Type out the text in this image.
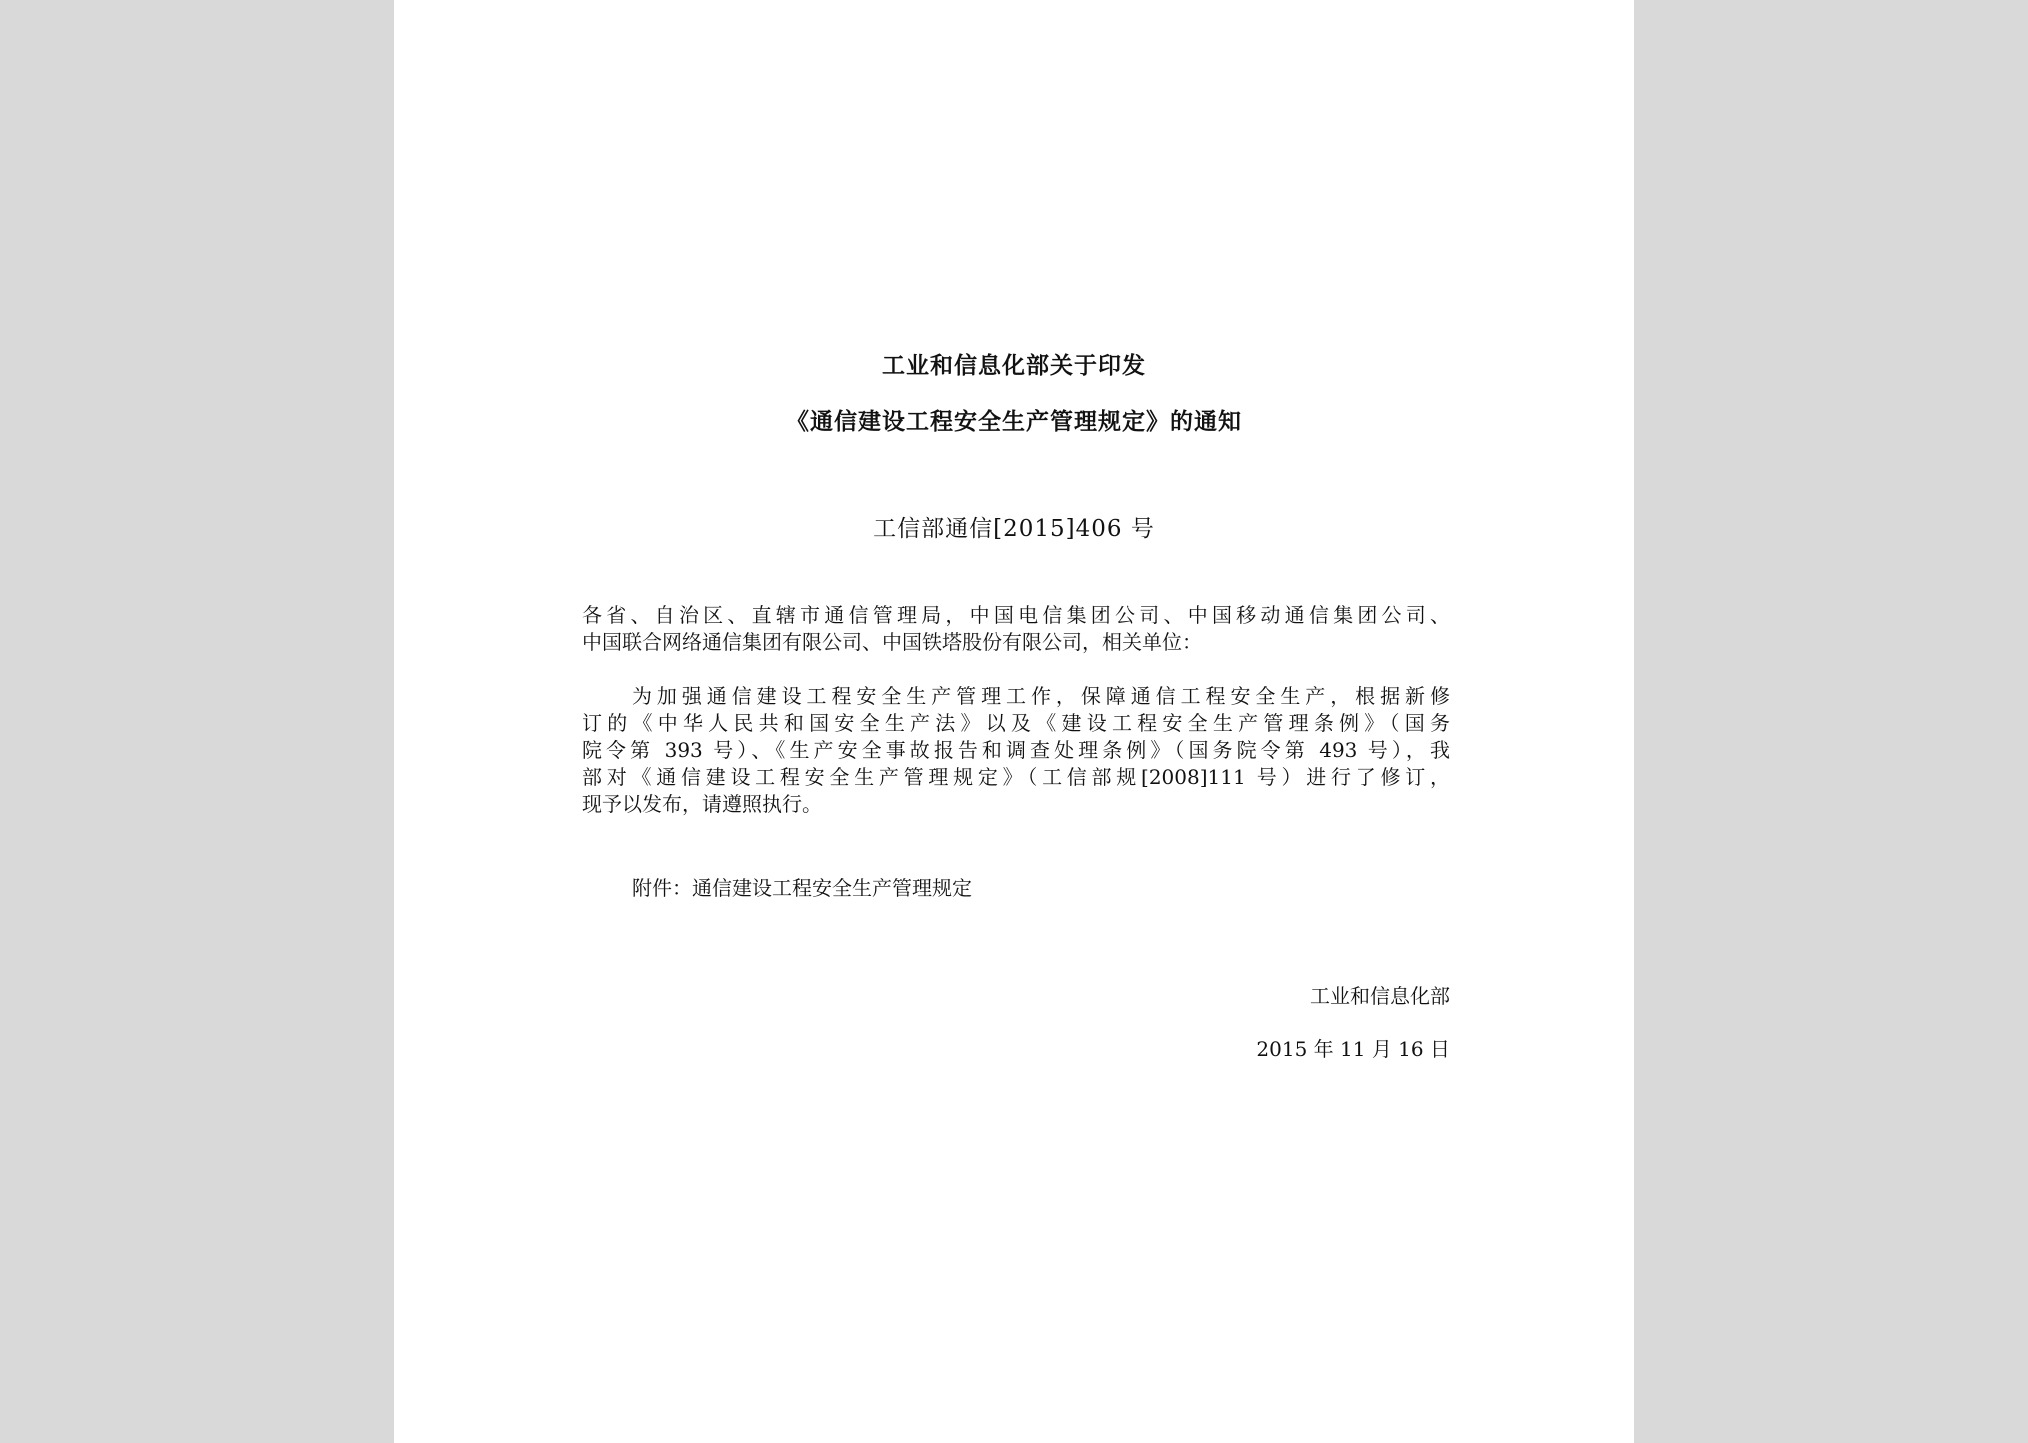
工业和信息化部关于印发
《通信建设工程安全生产管理规定》的通知
工信部通信[2015]406 号
各省、自治区、直辖市通信管理局，中国电信集团公司、中国移动通信集团公司、
中国联合网络通信集团有限公司、中国铁塔股份有限公司，相关单位：
为加强通信建设工程安全生产管理工作，保障通信工程安全生产，根据新修
订的《中华人民共和国安全生产法》以及《建设工程安全生产管理条例》（国务
院令第 393 号）、《生产安全事故报告和调查处理条例》（国务院令第 493 号），我
部对《通信建设工程安全生产管理规定》（工信部规[2008]111 号）进行了修订，
现予以发布，请遵照执行。
附件：通信建设工程安全生产管理规定
工业和信息化部
2015 年 11 月 16 日
